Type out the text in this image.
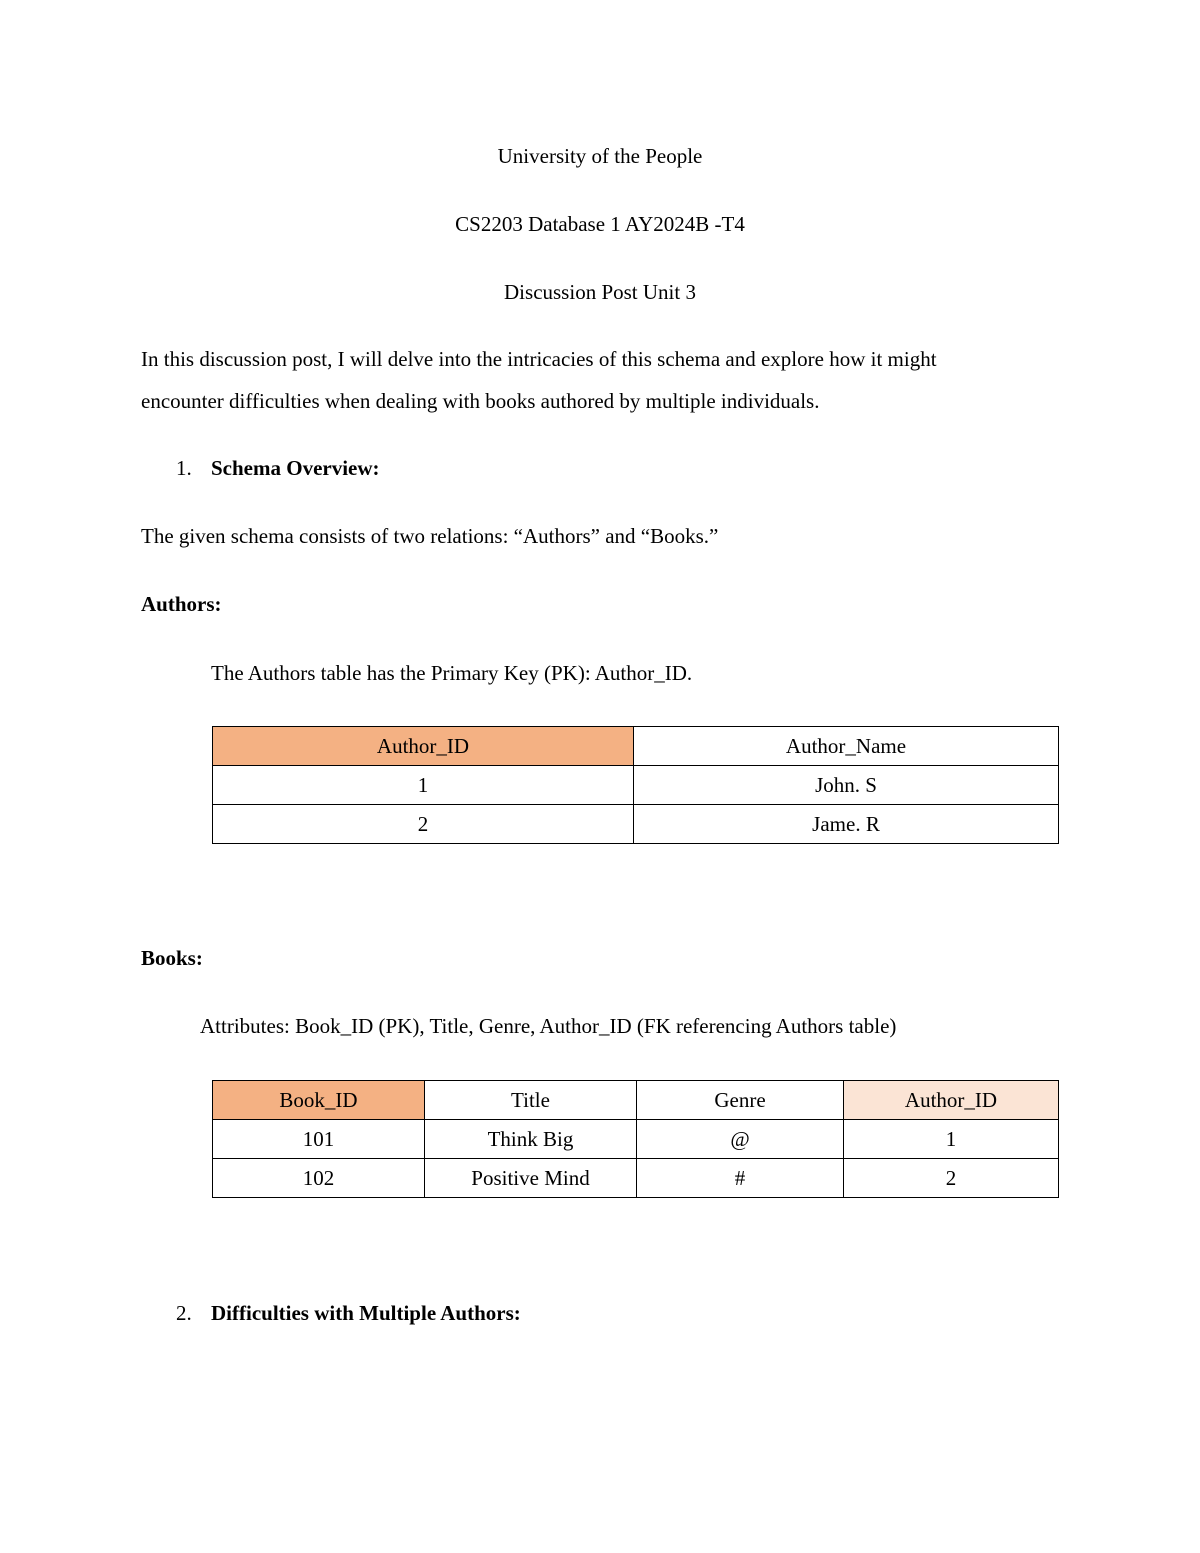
University of the People
CS2203 Database 1 AY2024B -T4
Discussion Post Unit 3
In this discussion post, I will delve into the intricacies of this schema and explore how it might
encounter difficulties when dealing with books authored by multiple individuals.
1. Schema Overview:
The given schema consists of two relations: “Authors” and “Books.”
Authors:
The Authors table has the Primary Key (PK): Author_ID.
Author_ID	Author_Name
1	John. S
2	Jame. R
Books:
Attributes: Book_ID (PK), Title, Genre, Author_ID (FK referencing Authors table)
Book_ID	Title	Genre	Author_ID
101	Think Big	@	1
102	Positive Mind	#	2
2. Difficulties with Multiple Authors:
